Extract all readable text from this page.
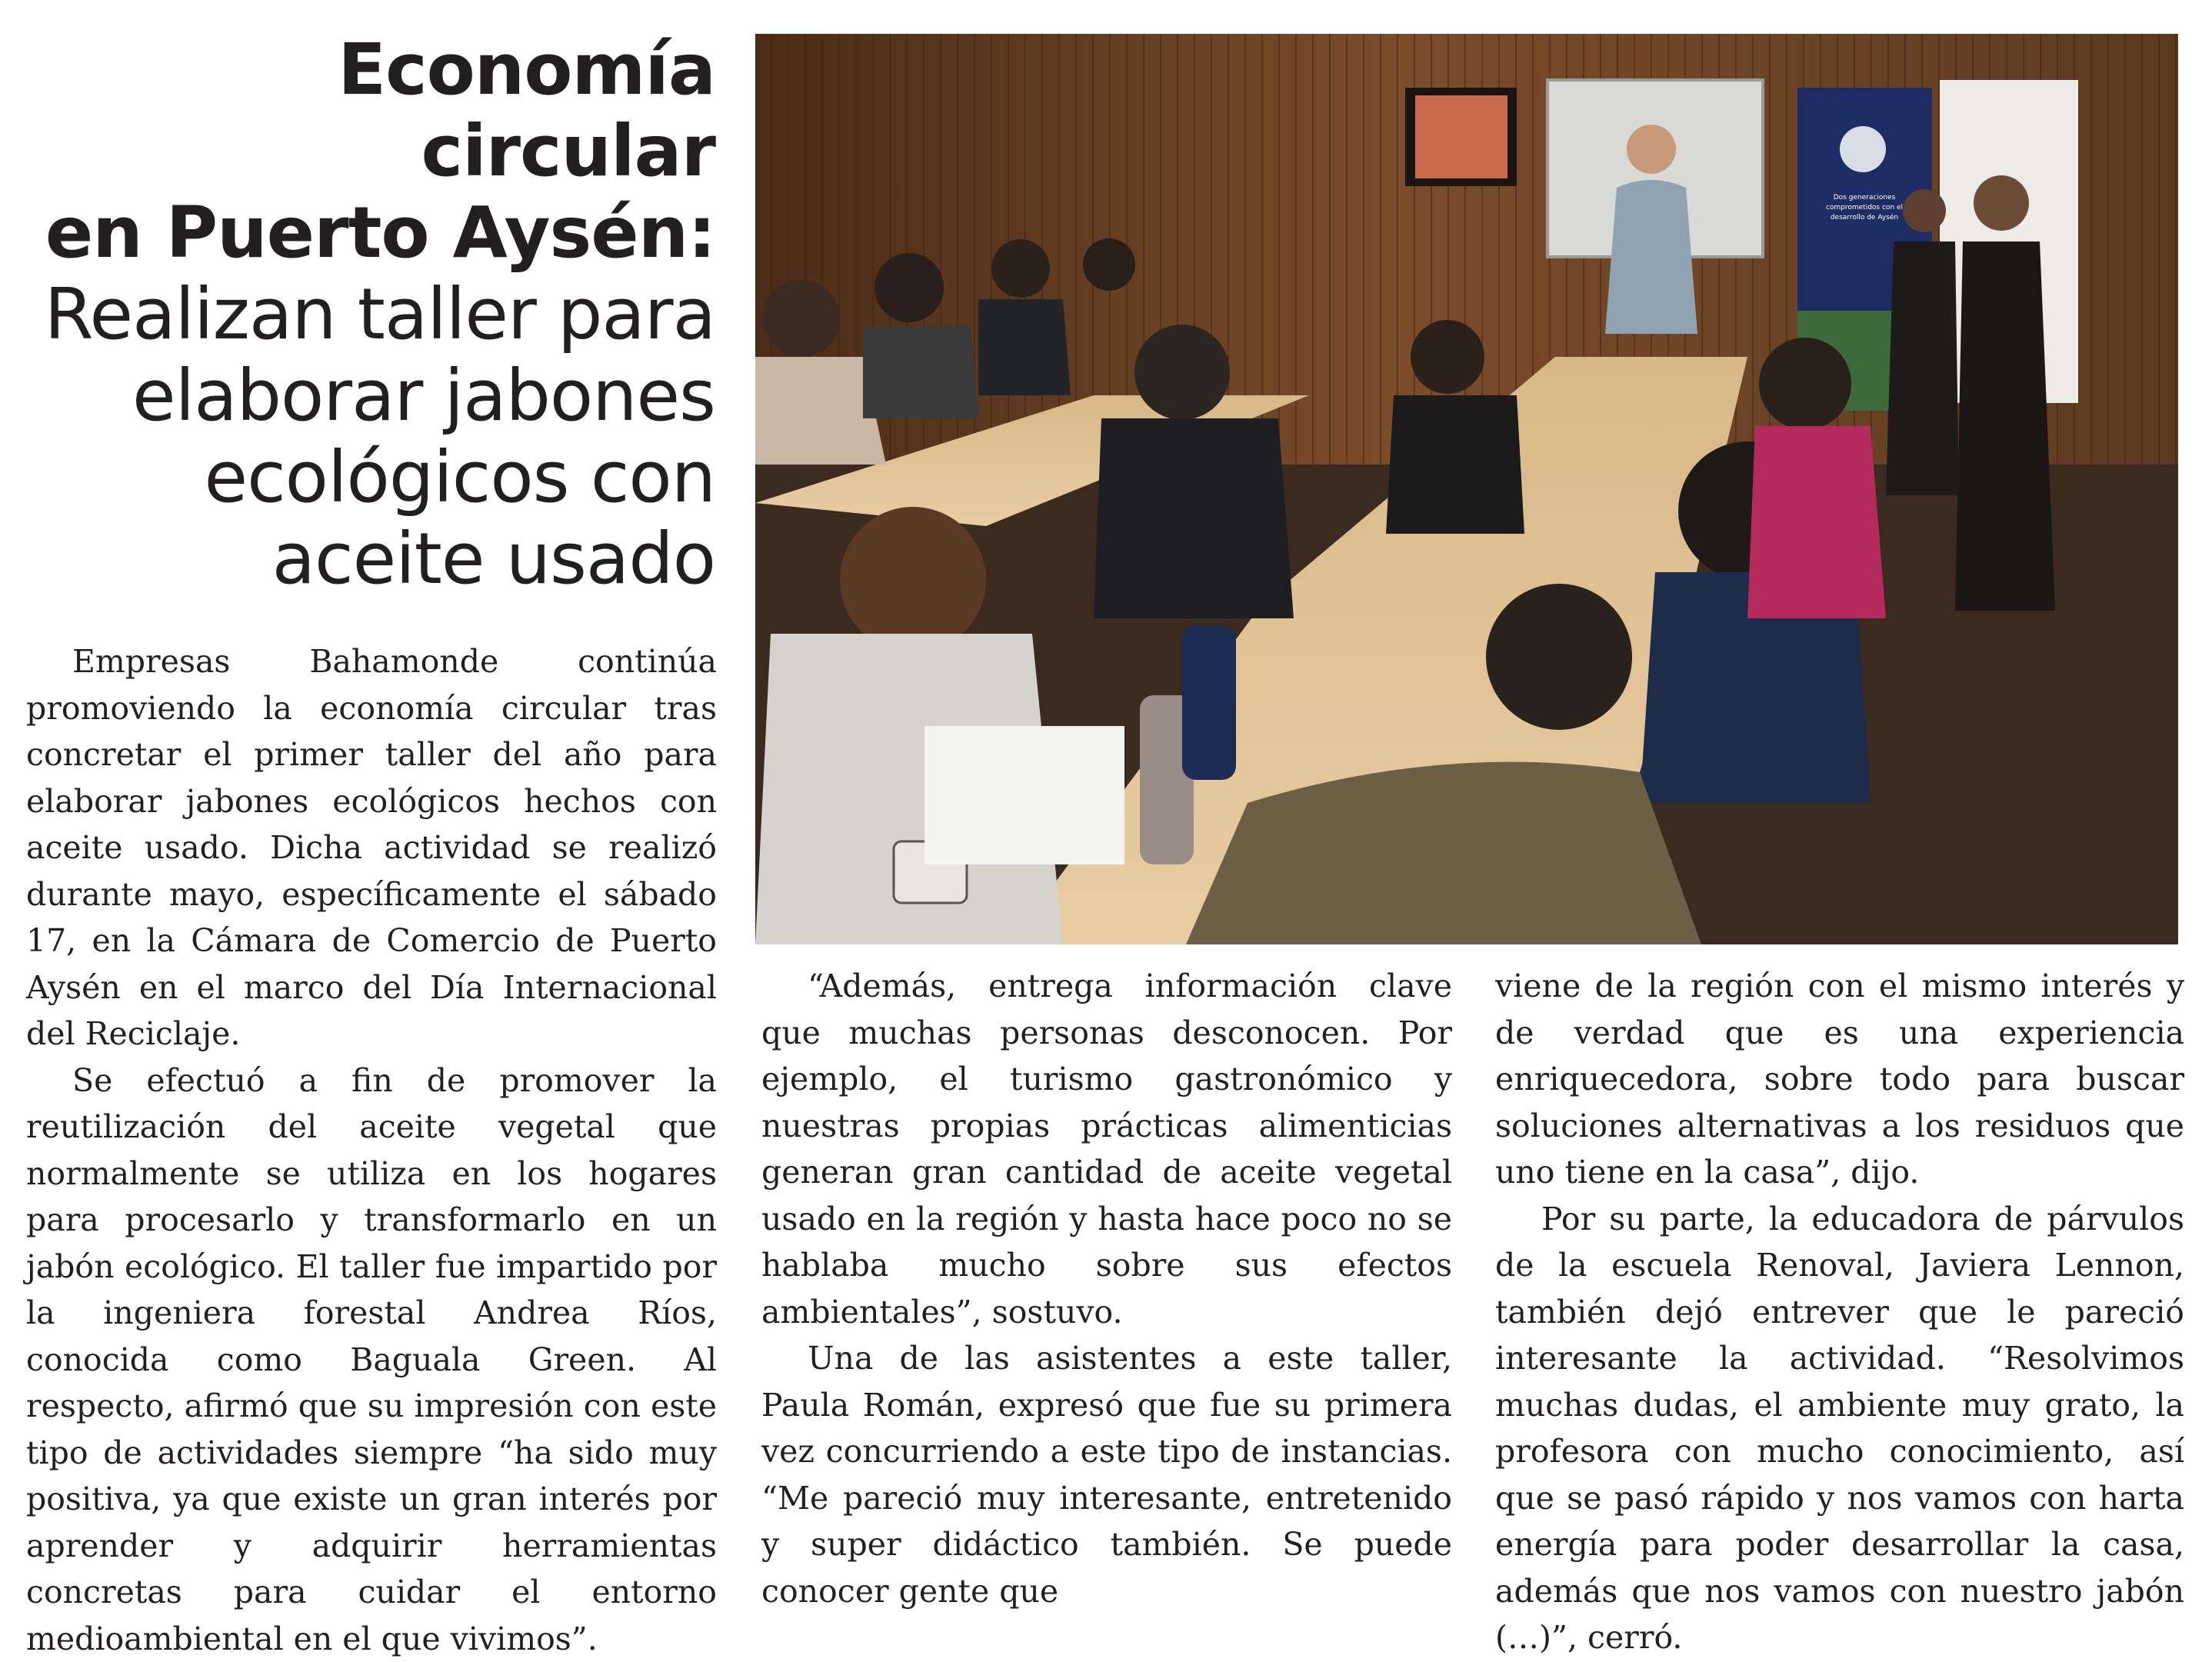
Economía circular
en Puerto Aysén:
Realizan taller para
elaborar jabones
ecológicos con
aceite usado
Dos generaciones
comprometidos con el
desarrollo de Aysén

Empresas Bahamonde continúa promoviendo la economía circular tras concretar el primer taller del año para elaborar jabones ecológicos hechos con aceite usado. Dicha actividad se realizó durante mayo, específicamente el sábado 17, en la Cámara de Comercio de Puerto Aysén en el marco del Día Internacional del Reciclaje.

Se efectuó a fin de promover la reutilización del aceite vegetal que normalmente se utiliza en los hogares para procesarlo y transformarlo en un jabón ecológico. El taller fue impartido por la ingeniera forestal Andrea Ríos, conocida como Baguala Green. Al respecto, afirmó que su impresión con este tipo de actividades siempre “ha sido muy positiva, ya que existe un gran interés por aprender y adquirir herramientas concretas para cuidar el entorno medioambiental en el que vivimos”.

“Además, entrega información clave que muchas personas desconocen. Por ejemplo, el turismo gastronómico y nuestras propias prácticas alimenticias generan gran cantidad de aceite vegetal usado en la región y hasta hace poco no se hablaba mucho sobre sus efectos ambientales”, sostuvo.

Una de las asistentes a este taller, Paula Román, expresó que fue su primera vez concurriendo a este tipo de instancias. “Me pareció muy interesante, entretenido y super didáctico también. Se puede conocer gente que

viene de la región con el mismo interés y de verdad que es una experiencia enriquecedora, sobre todo para buscar soluciones alternativas a los residuos que uno tiene en la casa”, dijo.

Por su parte, la educadora de párvulos de la escuela Renoval, Javiera Lennon, también dejó entrever que le pareció interesante la actividad. “Resolvimos muchas dudas, el ambiente muy grato, la profesora con mucho conocimiento, así que se pasó rápido y nos vamos con harta energía para poder desarrollar la casa, además que nos vamos con nuestro jabón (…)”, cerró.
